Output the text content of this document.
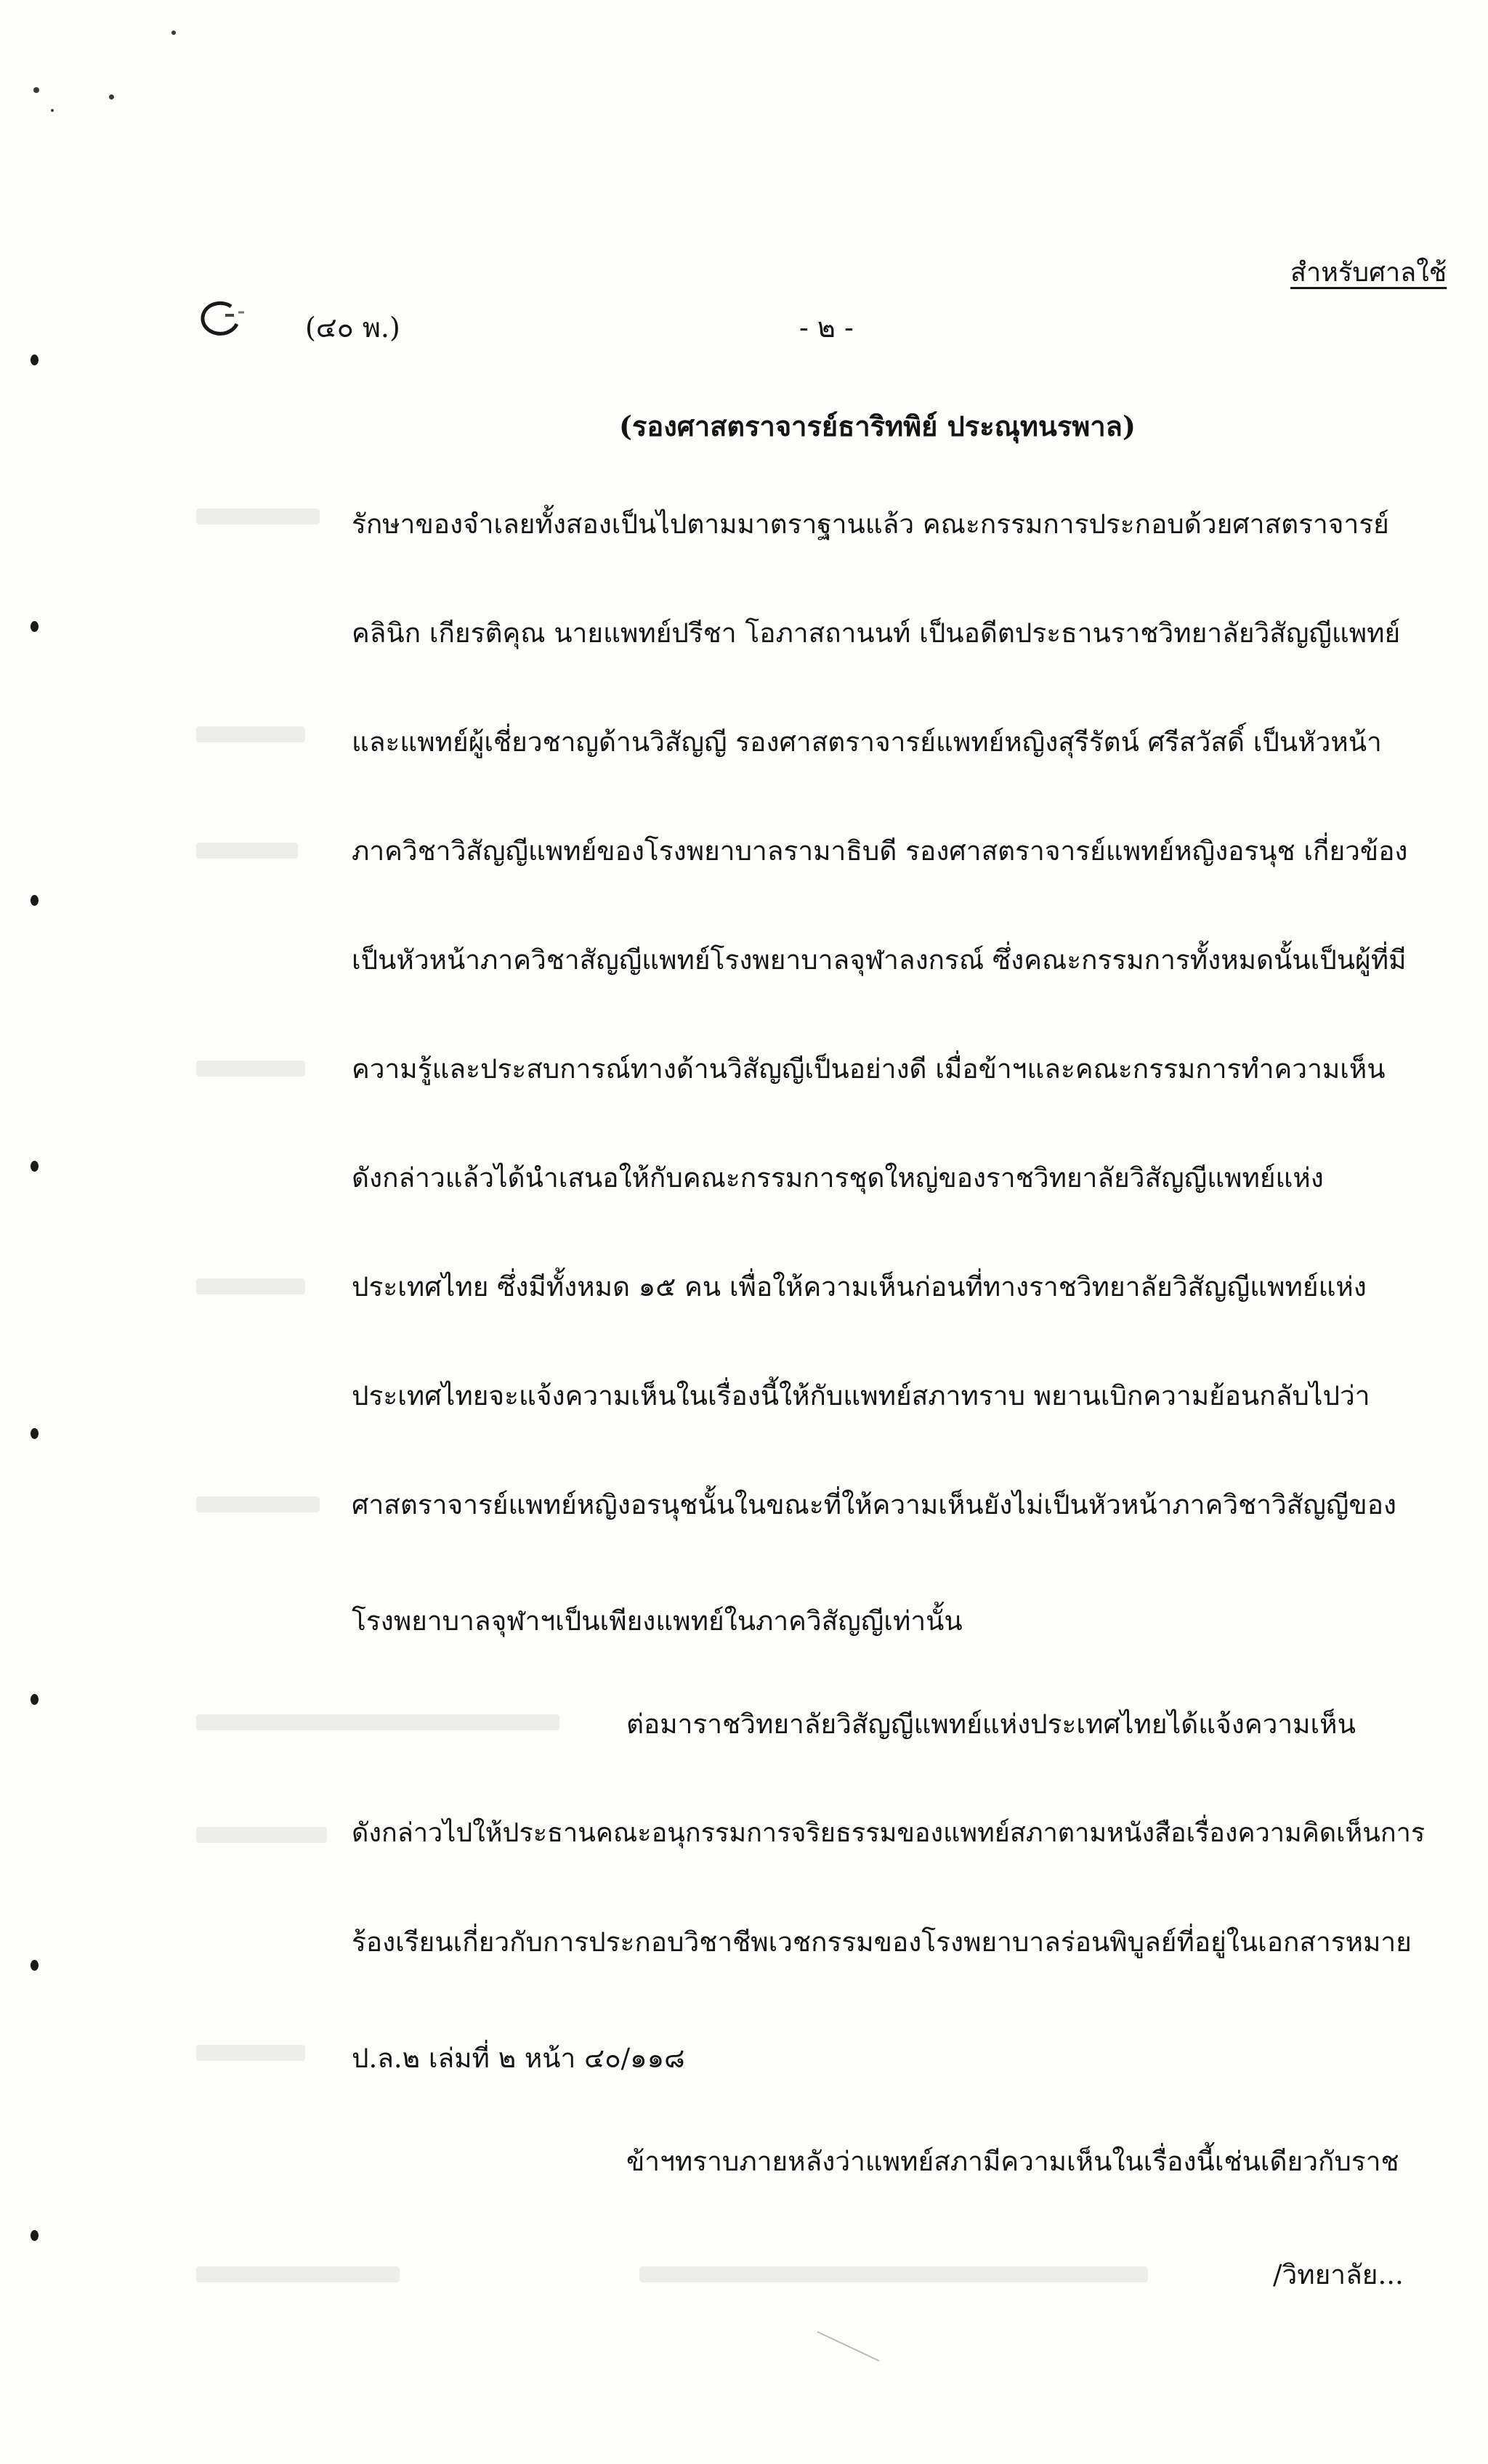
(๔๐ พ.)	- ๒ -
สำหรับศาลใช้
(รองศาสตราจารย์ธาริทพิย์ ประณุทนรพาล)
รักษาของจำเลยทั้งสองเป็นไปตามมาตราฐานแล้ว คณะกรรมการประกอบด้วยศาสตราจารย์
คลินิก เกียรติคุณ นายแพทย์ปรีชา โอภาสถานนท์ เป็นอดีตประธานราชวิทยาลัยวิสัญญีแพทย์
และแพทย์ผู้เชี่ยวชาญด้านวิสัญญี รองศาสตราจารย์แพทย์หญิงสุรีรัตน์ ศรีสวัสดิ์ เป็นหัวหน้า
ภาควิชาวิสัญญีแพทย์ของโรงพยาบาลรามาธิบดี รองศาสตราจารย์แพทย์หญิงอรนุช เกี่ยวข้อง
เป็นหัวหน้าภาควิชาสัญญีแพทย์โรงพยาบาลจุฬาลงกรณ์ ซึ่งคณะกรรมการทั้งหมดนั้นเป็นผู้ที่มี
ความรู้และประสบการณ์ทางด้านวิสัญญีเป็นอย่างดี เมื่อข้าฯและคณะกรรมการทำความเห็น
ดังกล่าวแล้วได้นำเสนอให้กับคณะกรรมการชุดใหญ่ของราชวิทยาลัยวิสัญญีแพทย์แห่ง
ประเทศไทย ซึ่งมีทั้งหมด ๑๕ คน เพื่อให้ความเห็นก่อนที่ทางราชวิทยาลัยวิสัญญีแพทย์แห่ง
ประเทศไทยจะแจ้งความเห็นในเรื่องนี้ให้กับแพทย์สภาทราบ พยานเบิกความย้อนกลับไปว่า
ศาสตราจารย์แพทย์หญิงอรนุชนั้นในขณะที่ให้ความเห็นยังไม่เป็นหัวหน้าภาควิชาวิสัญญีของ
โรงพยาบาลจุฬาฯเป็นเพียงแพทย์ในภาควิสัญญีเท่านั้น
ต่อมาราชวิทยาลัยวิสัญญีแพทย์แห่งประเทศไทยได้แจ้งความเห็น
ดังกล่าวไปให้ประธานคณะอนุกรรมการจริยธรรมของแพทย์สภาตามหนังสือเรื่องความคิดเห็นการ
ร้องเรียนเกี่ยวกับการประกอบวิชาชีพเวชกรรมของโรงพยาบาลร่อนพิบูลย์ที่อยู่ในเอกสารหมาย
ป.ล.๒ เล่มที่ ๒ หน้า ๔๐/๑๑๘
ข้าฯทราบภายหลังว่าแพทย์สภามีความเห็นในเรื่องนี้เช่นเดียวกับราช
/วิทยาลัย...
